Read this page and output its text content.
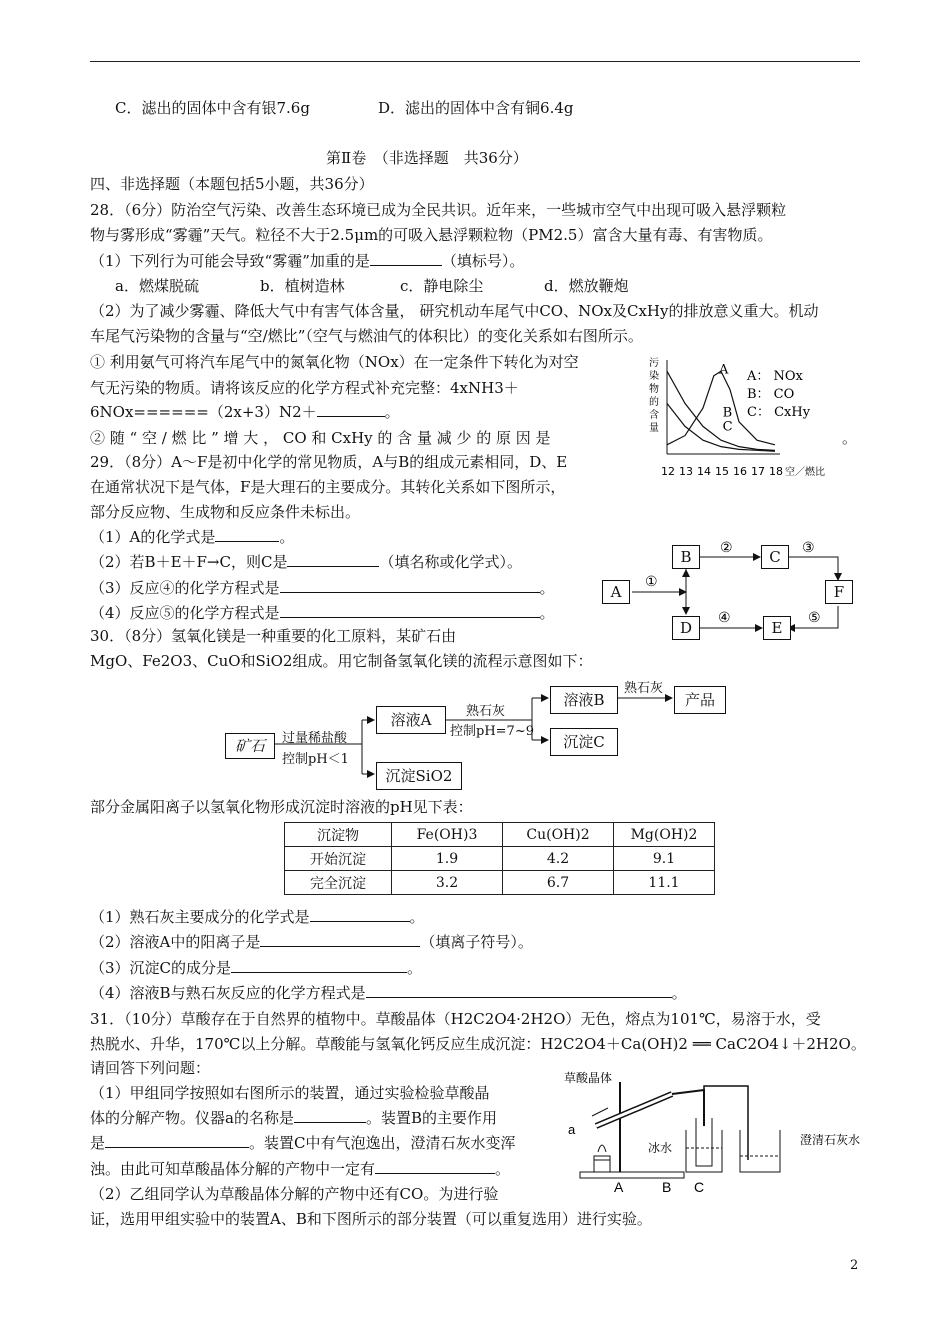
C．滤出的固体中含有银7.6g	D．滤出的固体中含有铜6.4g
第Ⅱ卷　（非选择题　共36分）
四、非选择题（本题包括5小题，共36分）
28．（6分）防治空气污染、改善生态环境已成为全民共识。近年来，一些城市空气中出现可吸入悬浮颗粒
物与雾形成“雾霾”天气。粒径不大于2.5μm的可吸入悬浮颗粒物（PM2.5）富含大量有毒、有害物质。
（1）下列行为可能会导致“雾霾”加重的是	（填标号）。
a．燃煤脱硫	b．植树造林	c．静电除尘	d．燃放鞭炮
（2）为了减少雾霾、降低大气中有害气体含量， 研究机动车尾气中CO、NOx及CxHy的排放意义重大。机动
车尾气污染物的含量与“空/燃比”（空气与燃油气的体积比）的变化关系如右图所示。
① 利用氨气可将汽车尾气中的氮氧化物（NOx）在一定条件下转化为对空
气无污染的物质。请将该反应的化学方程式补充完整：4xNH3＋
6NOx======（2x+3）N2＋	。
② 随 “ 空 / 燃 比 ” 增 大 ， CO 和 CxHy 的 含 量 减 少 的 原 因 是	。
污染物的含量
A
B
C
12 13 14 15 16 17 18 空／燃比
A： NOx
B： CO
C： CxHy
29．（8分）A～F是初中化学的常见物质，A与B的组成元素相同，D、E
在通常状况下是气体，F是大理石的主要成分。其转化关系如下图所示，
部分反应物、生成物和反应条件未标出。
（1）A的化学式是	。
（2）若B＋E＋F→C，则C是	（填名称或化学式）。
（3）反应④的化学方程式是	。
（4）反应⑤的化学方程式是	。
①
②	③
④	⑤
A
B	C
D	E
F
30．（8分）氢氧化镁是一种重要的化工原料，某矿石由
MgO、Fe2O3、CuO和SiO2组成。用它制备氢氧化镁的流程示意图如下：
矿石	过量稀盐酸
控制pH＜1
溶液A
沉淀SiO2
熟石灰
控制pH=7~9
溶液B
沉淀C
熟石灰
产品
部分金属阳离子以氢氧化物形成沉淀时溶液的pH见下表：
沉淀物	Fe(OH)3	Cu(OH)2	Mg(OH)2
开始沉淀	1.9	4.2	9.1
完全沉淀	3.2	6.7	11.1
（1）熟石灰主要成分的化学式是	。
（2）溶液A中的阳离子是	（填离子符号）。
（3）沉淀C的成分是	。
（4）溶液B与熟石灰反应的化学方程式是	。
31．（10分）草酸存在于自然界的植物中。草酸晶体（H2C2O4·2H2O）无色，熔点为101℃，易溶于水，受
热脱水、升华，170℃以上分解。草酸能与氢氧化钙反应生成沉淀：H2C2O4＋Ca(OH)2 ══ CaC2O4↓＋2H2O。
请回答下列问题：
（1）甲组同学按照如右图所示的装置，通过实验检验草酸晶
体的分解产物。仪器a的名称是	。装置B的主要作用
是	。装置C中有气泡逸出，澄清石灰水变浑
浊。由此可知草酸晶体分解的产物中一定有	。
（2）乙组同学认为草酸晶体分解的产物中还有CO。为进行验
证，选用甲组实验中的装置A、B和下图所示的部分装置（可以重复选用）进行实验。
草酸晶体
a
冰水
澄清石灰水
A	B C
2
